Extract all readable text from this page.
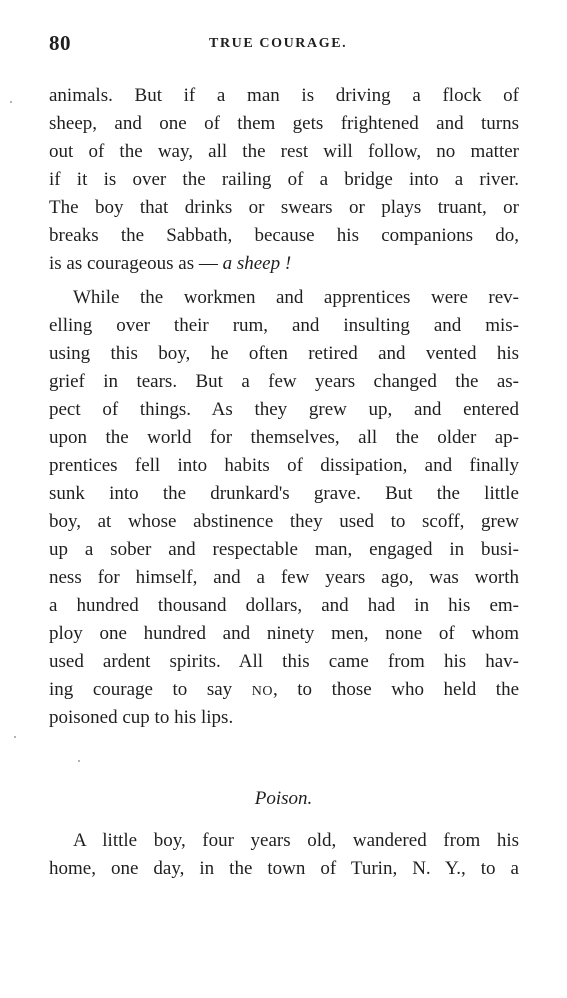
80	TRUE COURAGE.
animals. But if a man is driving a flock of
sheep, and one of them gets frightened and turns
out of the way, all the rest will follow, no matter
if it is over the railing of a bridge into a river.
The boy that drinks or swears or plays truant, or
breaks the Sabbath, because his companions do,
is as courageous as — a sheep !
While the workmen and apprentices were rev-
elling over their rum, and insulting and mis-
using this boy, he often retired and vented his
grief in tears. But a few years changed the as-
pect of things. As they grew up, and entered
upon the world for themselves, all the older ap-
prentices fell into habits of dissipation, and finally
sunk into the drunkard's grave. But the little
boy, at whose abstinence they used to scoff, grew
up a sober and respectable man, engaged in busi-
ness for himself, and a few years ago, was worth
a hundred thousand dollars, and had in his em-
ploy one hundred and ninety men, none of whom
used ardent spirits. All this came from his hav-
ing courage to say NO, to those who held the
poisoned cup to his lips.
Poison.
A little boy, four years old, wandered from his
home, one day, in the town of Turin, N. Y., to a
